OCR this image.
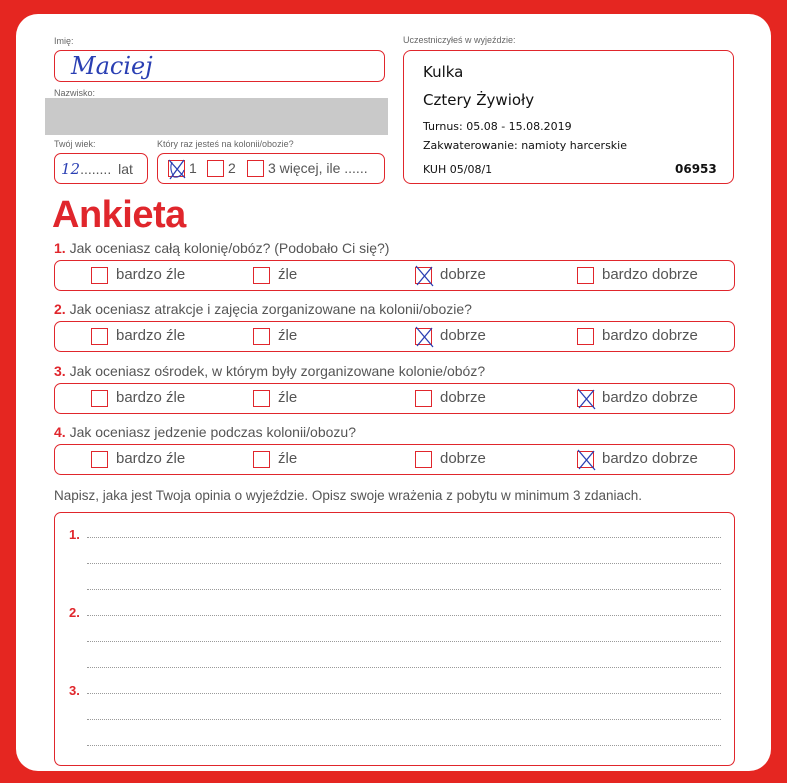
Imię:
Maciej
Nazwisko:
Twój wiek:
12........ lat
Który raz jesteś na kolonii/obozie?
1 2 3 więcej, ile ......
Uczestniczyłeś w wyjeździe:
Kulka
Cztery Żywioły
Turnus: 05.08 - 15.08.2019
Zakwaterowanie: namioty harcerskie
KUH 05/08/1	06953
Ankieta
1. Jak oceniasz całą kolonię/obóz? (Podobało Ci się?)
bardzo źle	źle	dobrze	bardzo dobrze
2. Jak oceniasz atrakcje i zajęcia zorganizowane na kolonii/obozie?
bardzo źle	źle	dobrze	bardzo dobrze
3. Jak oceniasz ośrodek, w którym były zorganizowane kolonie/obóz?
bardzo źle	źle	dobrze	bardzo dobrze
4. Jak oceniasz jedzenie podczas kolonii/obozu?
bardzo źle	źle	dobrze	bardzo dobrze
Napisz, jaka jest Twoja opinia o wyjeździe. Opisz swoje wrażenia z pobytu w minimum 3 zdaniach.
1.
2.
3.
